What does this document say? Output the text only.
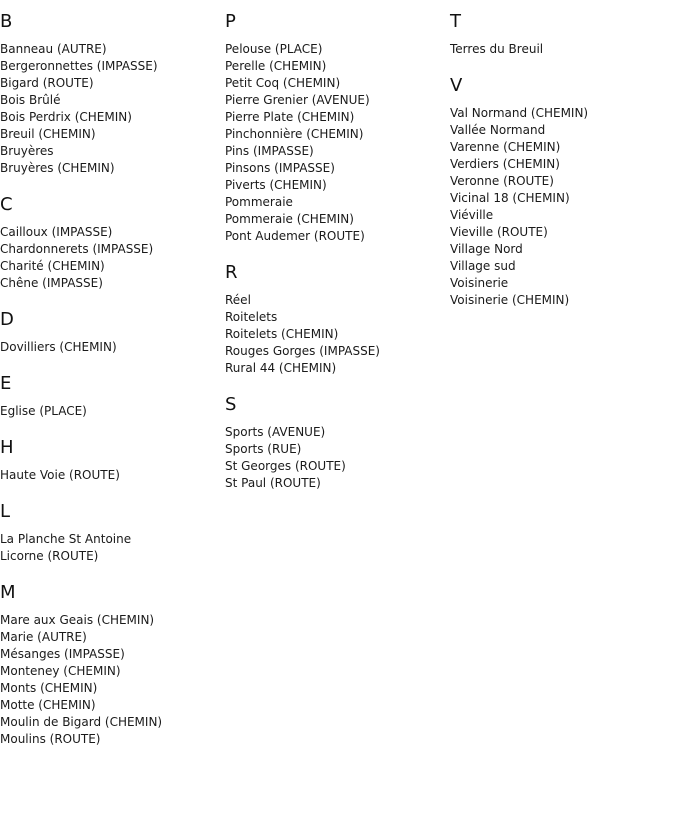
B
Banneau (AUTRE)
Bergeronnettes (IMPASSE)
Bigard (ROUTE)
Bois Brûlé
Bois Perdrix (CHEMIN)
Breuil (CHEMIN)
Bruyères
Bruyères (CHEMIN)
C
Cailloux (IMPASSE)
Chardonnerets (IMPASSE)
Charité (CHEMIN)
Chêne (IMPASSE)
D
Dovilliers (CHEMIN)
E
Eglise (PLACE)
H
Haute Voie (ROUTE)
L
La Planche St Antoine
Licorne (ROUTE)
M
Mare aux Geais (CHEMIN)
Marie (AUTRE)
Mésanges (IMPASSE)
Monteney (CHEMIN)
Monts (CHEMIN)
Motte (CHEMIN)
Moulin de Bigard (CHEMIN)
Moulins (ROUTE)
P
Pelouse (PLACE)
Perelle (CHEMIN)
Petit Coq (CHEMIN)
Pierre Grenier (AVENUE)
Pierre Plate (CHEMIN)
Pinchonnière (CHEMIN)
Pins (IMPASSE)
Pinsons (IMPASSE)
Piverts (CHEMIN)
Pommeraie
Pommeraie (CHEMIN)
Pont Audemer (ROUTE)
R
Réel
Roitelets
Roitelets (CHEMIN)
Rouges Gorges (IMPASSE)
Rural 44 (CHEMIN)
S
Sports (AVENUE)
Sports (RUE)
St Georges (ROUTE)
St Paul (ROUTE)
T
Terres du Breuil
V
Val Normand (CHEMIN)
Vallée Normand
Varenne (CHEMIN)
Verdiers (CHEMIN)
Veronne (ROUTE)
Vicinal 18 (CHEMIN)
Viéville
Vieville (ROUTE)
Village Nord
Village sud
Voisinerie
Voisinerie (CHEMIN)
